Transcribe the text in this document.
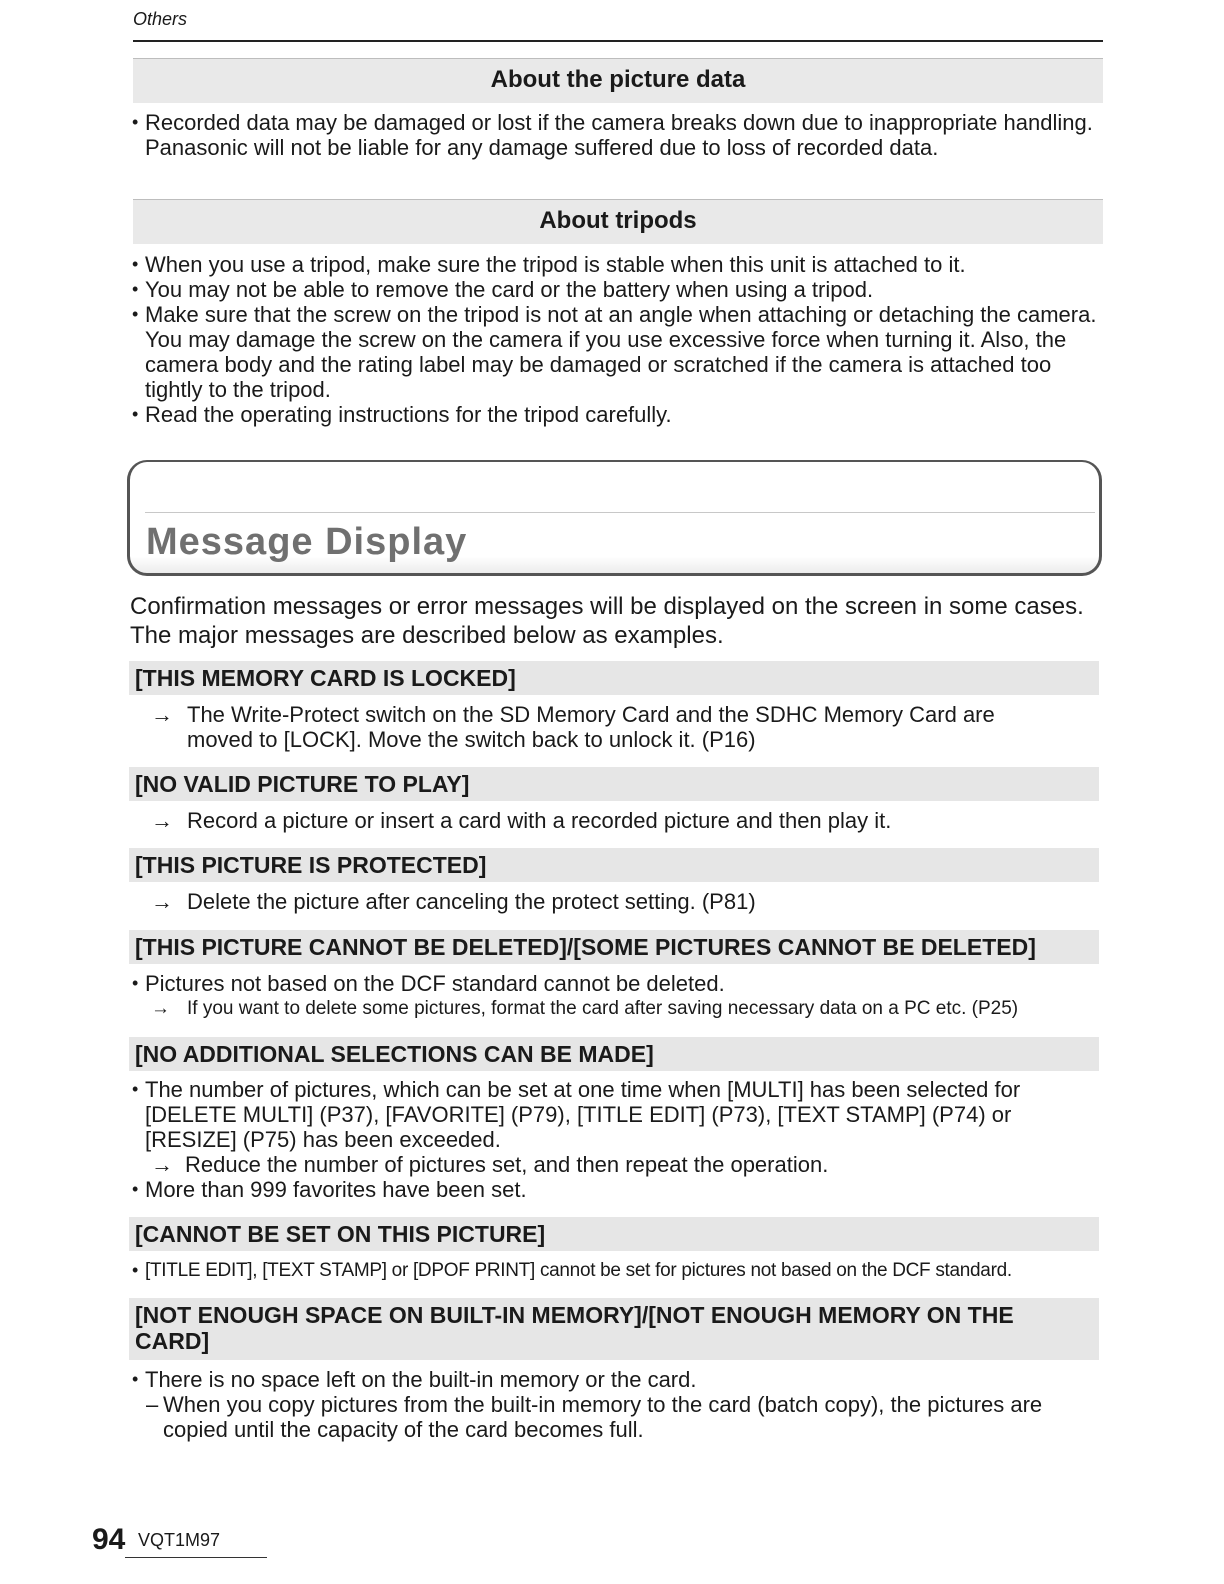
Others
About the picture data
• Recorded data may be damaged or lost if the camera breaks down due to inappropriate handling. Panasonic will not be liable for any damage suffered due to loss of recorded data.
About tripods
• When you use a tripod, make sure the tripod is stable when this unit is attached to it.
• You may not be able to remove the card or the battery when using a tripod.
• Make sure that the screw on the tripod is not at an angle when attaching or detaching the camera. You may damage the screw on the camera if you use excessive force when turning it. Also, the camera body and the rating label may be damaged or scratched if the camera is attached too tightly to the tripod.
• Read the operating instructions for the tripod carefully.
Message Display
Confirmation messages or error messages will be displayed on the screen in some cases.
The major messages are described below as examples.
[THIS MEMORY CARD IS LOCKED]
→ The Write-Protect switch on the SD Memory Card and the SDHC Memory Card are
moved to [LOCK]. Move the switch back to unlock it. (P16)
[NO VALID PICTURE TO PLAY]
→ Record a picture or insert a card with a recorded picture and then play it.
[THIS PICTURE IS PROTECTED]
→ Delete the picture after canceling the protect setting. (P81)
[THIS PICTURE CANNOT BE DELETED]/[SOME PICTURES CANNOT BE DELETED]
• Pictures not based on the DCF standard cannot be deleted.
→ If you want to delete some pictures, format the card after saving necessary data on a PC etc. (P25)
[NO ADDITIONAL SELECTIONS CAN BE MADE]
• The number of pictures, which can be set at one time when [MULTI] has been selected for
[DELETE MULTI] (P37), [FAVORITE] (P79), [TITLE EDIT] (P73), [TEXT STAMP] (P74) or
[RESIZE] (P75) has been exceeded.
→ Reduce the number of pictures set, and then repeat the operation.
• More than 999 favorites have been set.
[CANNOT BE SET ON THIS PICTURE]
• [TITLE EDIT], [TEXT STAMP] or [DPOF PRINT] cannot be set for pictures not based on the DCF standard.
[NOT ENOUGH SPACE ON BUILT-IN MEMORY]/[NOT ENOUGH MEMORY ON THE CARD]
• There is no space left on the built-in memory or the card.
– When you copy pictures from the built-in memory to the card (batch copy), the pictures are
copied until the capacity of the card becomes full.
94 VQT1M97
